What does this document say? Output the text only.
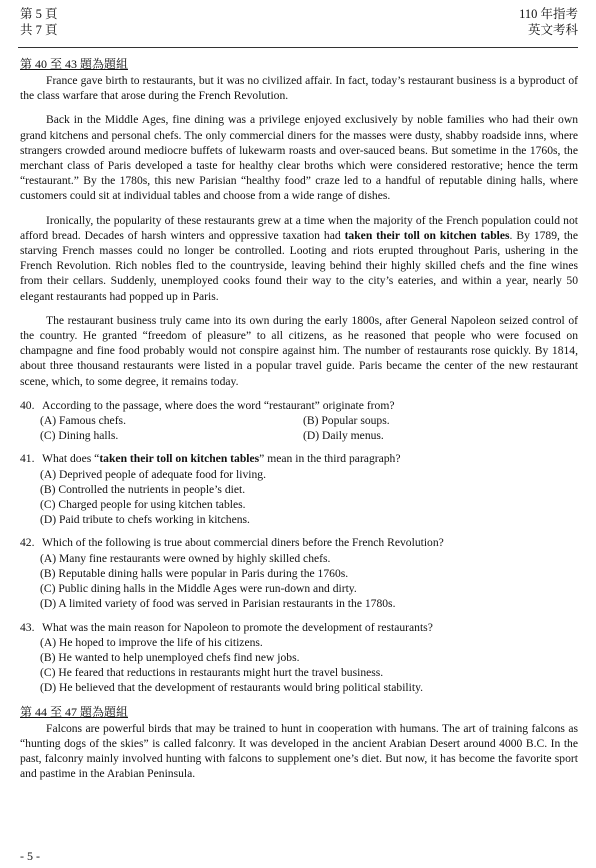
第 5 頁
共 7 頁
110 年指考
英文考科
第 40 至 43 題為題組

France gave birth to restaurants, but it was no civilized affair. In fact, today’s restaurant business is a byproduct of the class warfare that arose during the French Revolution.

Back in the Middle Ages, fine dining was a privilege enjoyed exclusively by noble families who had their own grand kitchens and personal chefs. The only commercial diners for the masses were dusty, shabby roadside inns, where strangers crowded around mediocre buffets of lukewarm roasts and over-sauced beans. But sometime in the 1760s, the merchant class of Paris developed a taste for healthy clear broths which were considered restorative; hence the term “restaurant.” By the 1780s, this new Parisian “healthy food” craze led to a handful of reputable dining halls, where customers could sit at individual tables and choose from a wide range of dishes.

Ironically, the popularity of these restaurants grew at a time when the majority of the French population could not afford bread. Decades of harsh winters and oppressive taxation had taken their toll on kitchen tables. By 1789, the starving French masses could no longer be controlled. Looting and riots erupted throughout Paris, ushering in the French Revolution. Rich nobles fled to the countryside, leaving behind their highly skilled chefs and the fine wines from their cellars. Suddenly, unemployed cooks found their way to the city’s eateries, and within a year, nearly 50 elegant restaurants had popped up in Paris.

The restaurant business truly came into its own during the early 1800s, after General Napoleon seized control of the country. He granted “freedom of pleasure” to all citizens, as he reasoned that people who were focused on champagne and fine food probably would not conspire against him. The number of restaurants rose quickly. By 1814, about three thousand restaurants were listed in a popular travel guide. Paris became the center of the new restaurant scene, which, to some degree, it remains today.

40. According to the passage, where does the word “restaurant” originate from?
(A) Famous chefs.	(B) Popular soups.
(C) Dining halls.	(D) Daily menus.
41. What does “taken their toll on kitchen tables” mean in the third paragraph?
(A) Deprived people of adequate food for living.
(B) Controlled the nutrients in people’s diet.
(C) Charged people for using kitchen tables.
(D) Paid tribute to chefs working in kitchens.
42. Which of the following is true about commercial diners before the French Revolution?
(A) Many fine restaurants were owned by highly skilled chefs.
(B) Reputable dining halls were popular in Paris during the 1760s.
(C) Public dining halls in the Middle Ages were run-down and dirty.
(D) A limited variety of food was served in Parisian restaurants in the 1780s.
43. What was the main reason for Napoleon to promote the development of restaurants?
(A) He hoped to improve the life of his citizens.
(B) He wanted to help unemployed chefs find new jobs.
(C) He feared that reductions in restaurants might hurt the travel business.
(D) He believed that the development of restaurants would bring political stability.
第 44 至 47 題為題組

Falcons are powerful birds that may be trained to hunt in cooperation with humans. The art of training falcons as “hunting dogs of the skies” is called falconry. It was developed in the ancient Arabian Desert around 4000 B.C. In the past, falconry mainly involved hunting with falcons to supplement one’s diet. But now, it has become the favorite sport and pastime in the Arabian Peninsula.

- 5 -
